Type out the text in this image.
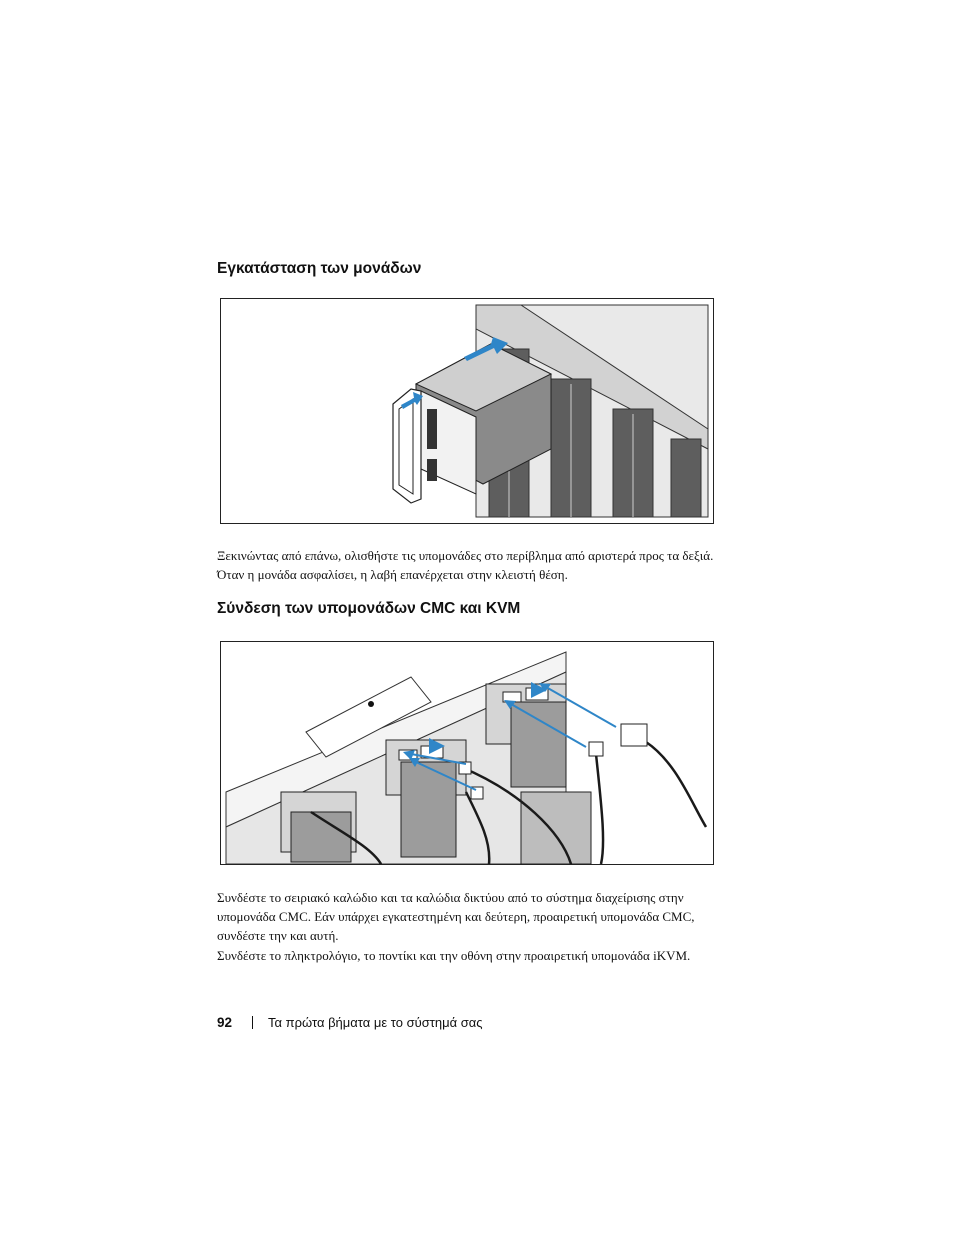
Εγκατάσταση των μονάδων

Ξεκινώντας από επάνω, ολισθήστε τις υπομονάδες στο περίβλημα από αριστερά προς τα δεξιά. Όταν η μονάδα ασφαλίσει, η λαβή επανέρχεται στην κλειστή θέση.

Σύνδεση των υπομονάδων CMC και KVM

Συνδέστε το σειριακό καλώδιο και τα καλώδια δικτύου από το σύστημα διαχείρισης στην υπομονάδα CMC. Εάν υπάρχει εγκατεστημένη και δεύτερη, προαιρετική υπομονάδα CMC, συνδέστε την και αυτή.

Συνδέστε το πληκτρολόγιο, το ποντίκι και την οθόνη στην προαιρετική υπομονάδα iKVM.

92	Τα πρώτα βήματα με το σύστημά σας
